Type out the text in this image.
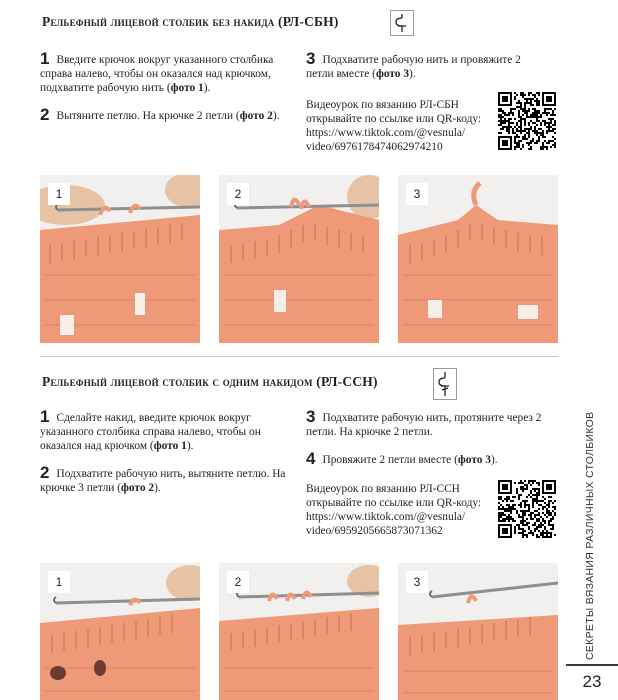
Рельефный лицевой столбик без накида (РЛ-СБН)
1 Введите крючок вокруг указанного столбика справа налево, чтобы он оказался над крючком, подхватите рабочую нить (фото 1).
2 Вытяните петлю. На крючке 2 петли (фото 2).
3 Подхватите рабочую нить и провяжите 2 петли вместе (фото 3).
Видеоурок по вязанию РЛ-СБН
открывайте по ссылке или QR-коду:
https://www.tiktok.com/@vesnula/
video/6976178474062974210
1	2	3
Рельефный лицевой столбик с одним накидом (РЛ-ССН)
1 Сделайте накид, введите крючок вокруг указанного столбика справа налево, чтобы он оказался над крючком (фото 1).
2 Подхватите рабочую нить, вытяните петлю. На крючке 3 петли (фото 2).
3 Подхватите рабочую нить, протяните через 2 петли. На крючке 2 петли.
4 Провяжите 2 петли вместе (фото 3).
Видеоурок по вязанию РЛ-ССН
открывайте по ссылке или QR-коду:
https://www.tiktok.com/@vesnula/
video/6959205665873071362
1	2	3	СЕКРЕТЫ ВЯЗАНИЯ РАЗЛИЧНЫХ СТОЛБИКОВ
23
